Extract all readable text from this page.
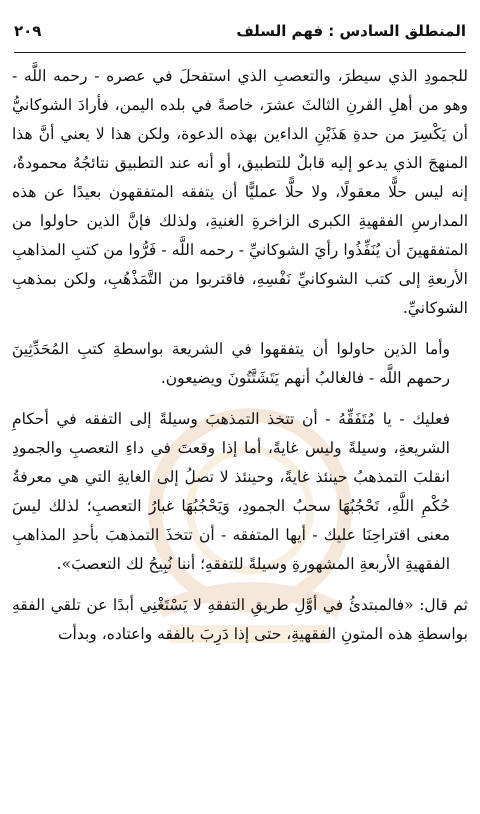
المنطلق السادس : فهم السلف
٢٠٩

للجمودِ الذي سيطرَ، والتعصبِ الذي استفحلَ في عصره - رحمه اللَّه - وهو من أهلِ القرنِ الثالثَ عشرَ، خاصةً في بلده اليمن، فأرادَ الشوكانيُّ أن يَكْسِرَ من حدةِ هَذَيْنِ الداءين بهذه الدعوة، ولكن هذا لا يعني أنَّ هذا المنهجَ الذي يدعو إليه قابلٌ للتطبيق، أو أنه عند التطبيق نتائجُهُ محمودةٌ، إنه ليس حلًّا معقولًا، ولا حلًّا عمليًّا أن يتفقه المتفقهون بعيدًا عن هذه المدارسِ الفقهيةِ الكبرى الزاخرةِ الغنيةِ، ولذلك فإنَّ الذين حاولوا من المتفقهينَ أن يُنَفِّذُوا رأيَ الشوكانيِّ - رحمه اللَّه - فَرُّوا من كتبِ المذاهبِ الأربعةِ إلى كتب الشوكانيِّ نَفْسِهِ، فاقتربوا من التَّمَذْهُبِ، ولكن بمذهبِ الشوكانيِّ.

وأما الذين حاولوا أن يتفقهوا في الشريعة بواسطةِ كتبِ المُحَدِّثِينَ رحمهم اللَّه - فالغالبُ أنهم يَتَشَتَّتُونَ ويضيعون.

فعليك - يا مُتَفَقِّهُ - أن تتخذ التمذهبَ وسيلةً إلى التفقه في أحكامِ الشريعةِ، وسيلةً وليس غايةً، أما إذا وقعتَ في داءِ التعصبِ والجمودِ انقلبَ التمذهبُ حينئذ غايةً، وحينئذ لا تصلُ إلى الغايةِ التي هي معرفةُ حُكْمِ اللَّهِ، تَحْجُبُهَا سحبُ الجمودِ، وَيَحْجُبُهَا غبارُ التعصبِ؛ لذلك ليسَ معنى اقتراحِنَا عليك - أيها المتفقه - أن تتخذَ التمذهبَ بأحدِ المذاهبِ الفقهيةِ الأربعةِ المشهورةِ وسيلةً للتفقهِ؛ أننا نُبِيحُ لك التعصبَ».

ثم قال: «فالمبتدئُ في أوَّلِ طريقِ التفقهِ لا يَسْتَغْنِي أبدًا عن تلقي الفقهِ بواسطةِ هذه المتونِ الفقهيةِ، حتى إذا دَرِبَ بالفقه واعتاده، وبدأت
